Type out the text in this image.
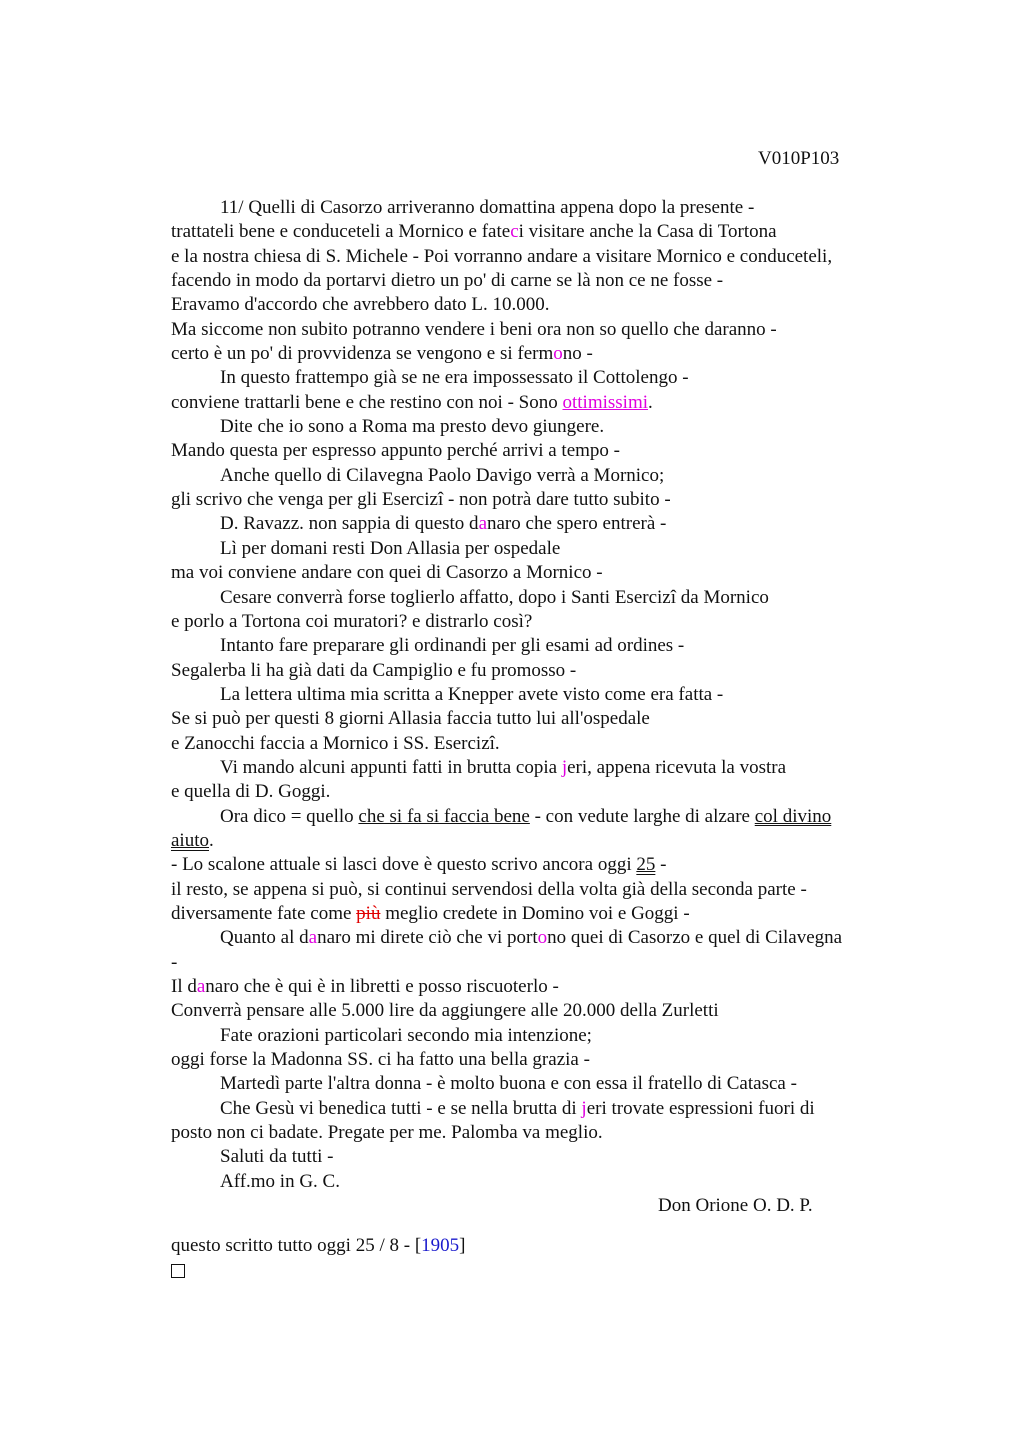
V010P103
11/ Quelli di Casorzo arriveranno domattina appena dopo la presente -
trattateli bene e conduceteli a Mornico e fateci visitare anche la Casa di Tortona
e la nostra chiesa di S. Michele - Poi vorranno andare a visitare Mornico e conduceteli,
facendo in modo da portarvi dietro un po' di carne se là non ce ne fosse -
Eravamo d'accordo che avrebbero dato L. 10.000.
Ma siccome non subito potranno vendere i beni ora non so quello che daranno -
certo è un po' di provvidenza se vengono e si fermono -
In questo frattempo già se ne era impossessato il Cottolengo -
conviene trattarli bene e che restino con noi - Sono ottimissimi.
Dite che io sono a Roma ma presto devo giungere.
Mando questa per espresso appunto perché arrivi a tempo -
Anche quello di Cilavegna Paolo Davigo verrà a Mornico;
gli scrivo che venga per gli Esercizi - non potrà dare tutto subito -
D. Ravazz. non sappia di questo danaro che spero entrerà -
Lì per domani resti Don Allasia per ospedale
ma voi conviene andare con quei di Casorzo a Mornico -
Cesare converrà forse toglierlo affatto, dopo i Santi Esercizi da Mornico
e porlo a Tortona coi muratori? e distrarlo così?
Intanto fare preparare gli ordinandi per gli esami ad ordines -
Segalerba li ha già dati da Campiglio e fu promosso -
La lettera ultima mia scritta a Knepper avete visto come era fatta -
Se si può per questi 8 giorni Allasia faccia tutto lui all'ospedale
e Zanocchi faccia a Mornico i SS. Esercizi.
Vi mando alcuni appunti fatti in brutta copia jeri, appena ricevuta la vostra
e quella di D. Goggi.
Ora dico = quello che si fa si faccia bene - con vedute larghe di alzare col divino
aiuto.
- Lo scalone attuale si lasci dove è questo scrivo ancora oggi 25 -
il resto, se appena si può, si continui servendosi della volta già della seconda parte -
diversamente fate come più meglio credete in Domino voi e Goggi -
Quanto al danaro mi direte ciò che vi portono quei di Casorzo e quel di Cilavegna
-
Il danaro che è qui è in libretti e posso riscuoterlo -
Converrà pensare alle 5.000 lire da aggiungere alle 20.000 della Zurletti
Fate orazioni particolari secondo mia intenzione;
oggi forse la Madonna SS. ci ha fatto una bella grazia -
Martedì parte l'altra donna - è molto buona e con essa il fratello di Catasca -
Che Gesù vi benedica tutti - e se nella brutta di jeri trovate espressioni fuori di
posto non ci badate. Pregate per me. Palomba va meglio.
Saluti da tutti -
Aff.mo in G. C.
Don Orione O. D. P.
questo scritto tutto oggi 25 / 8 - [1905]
